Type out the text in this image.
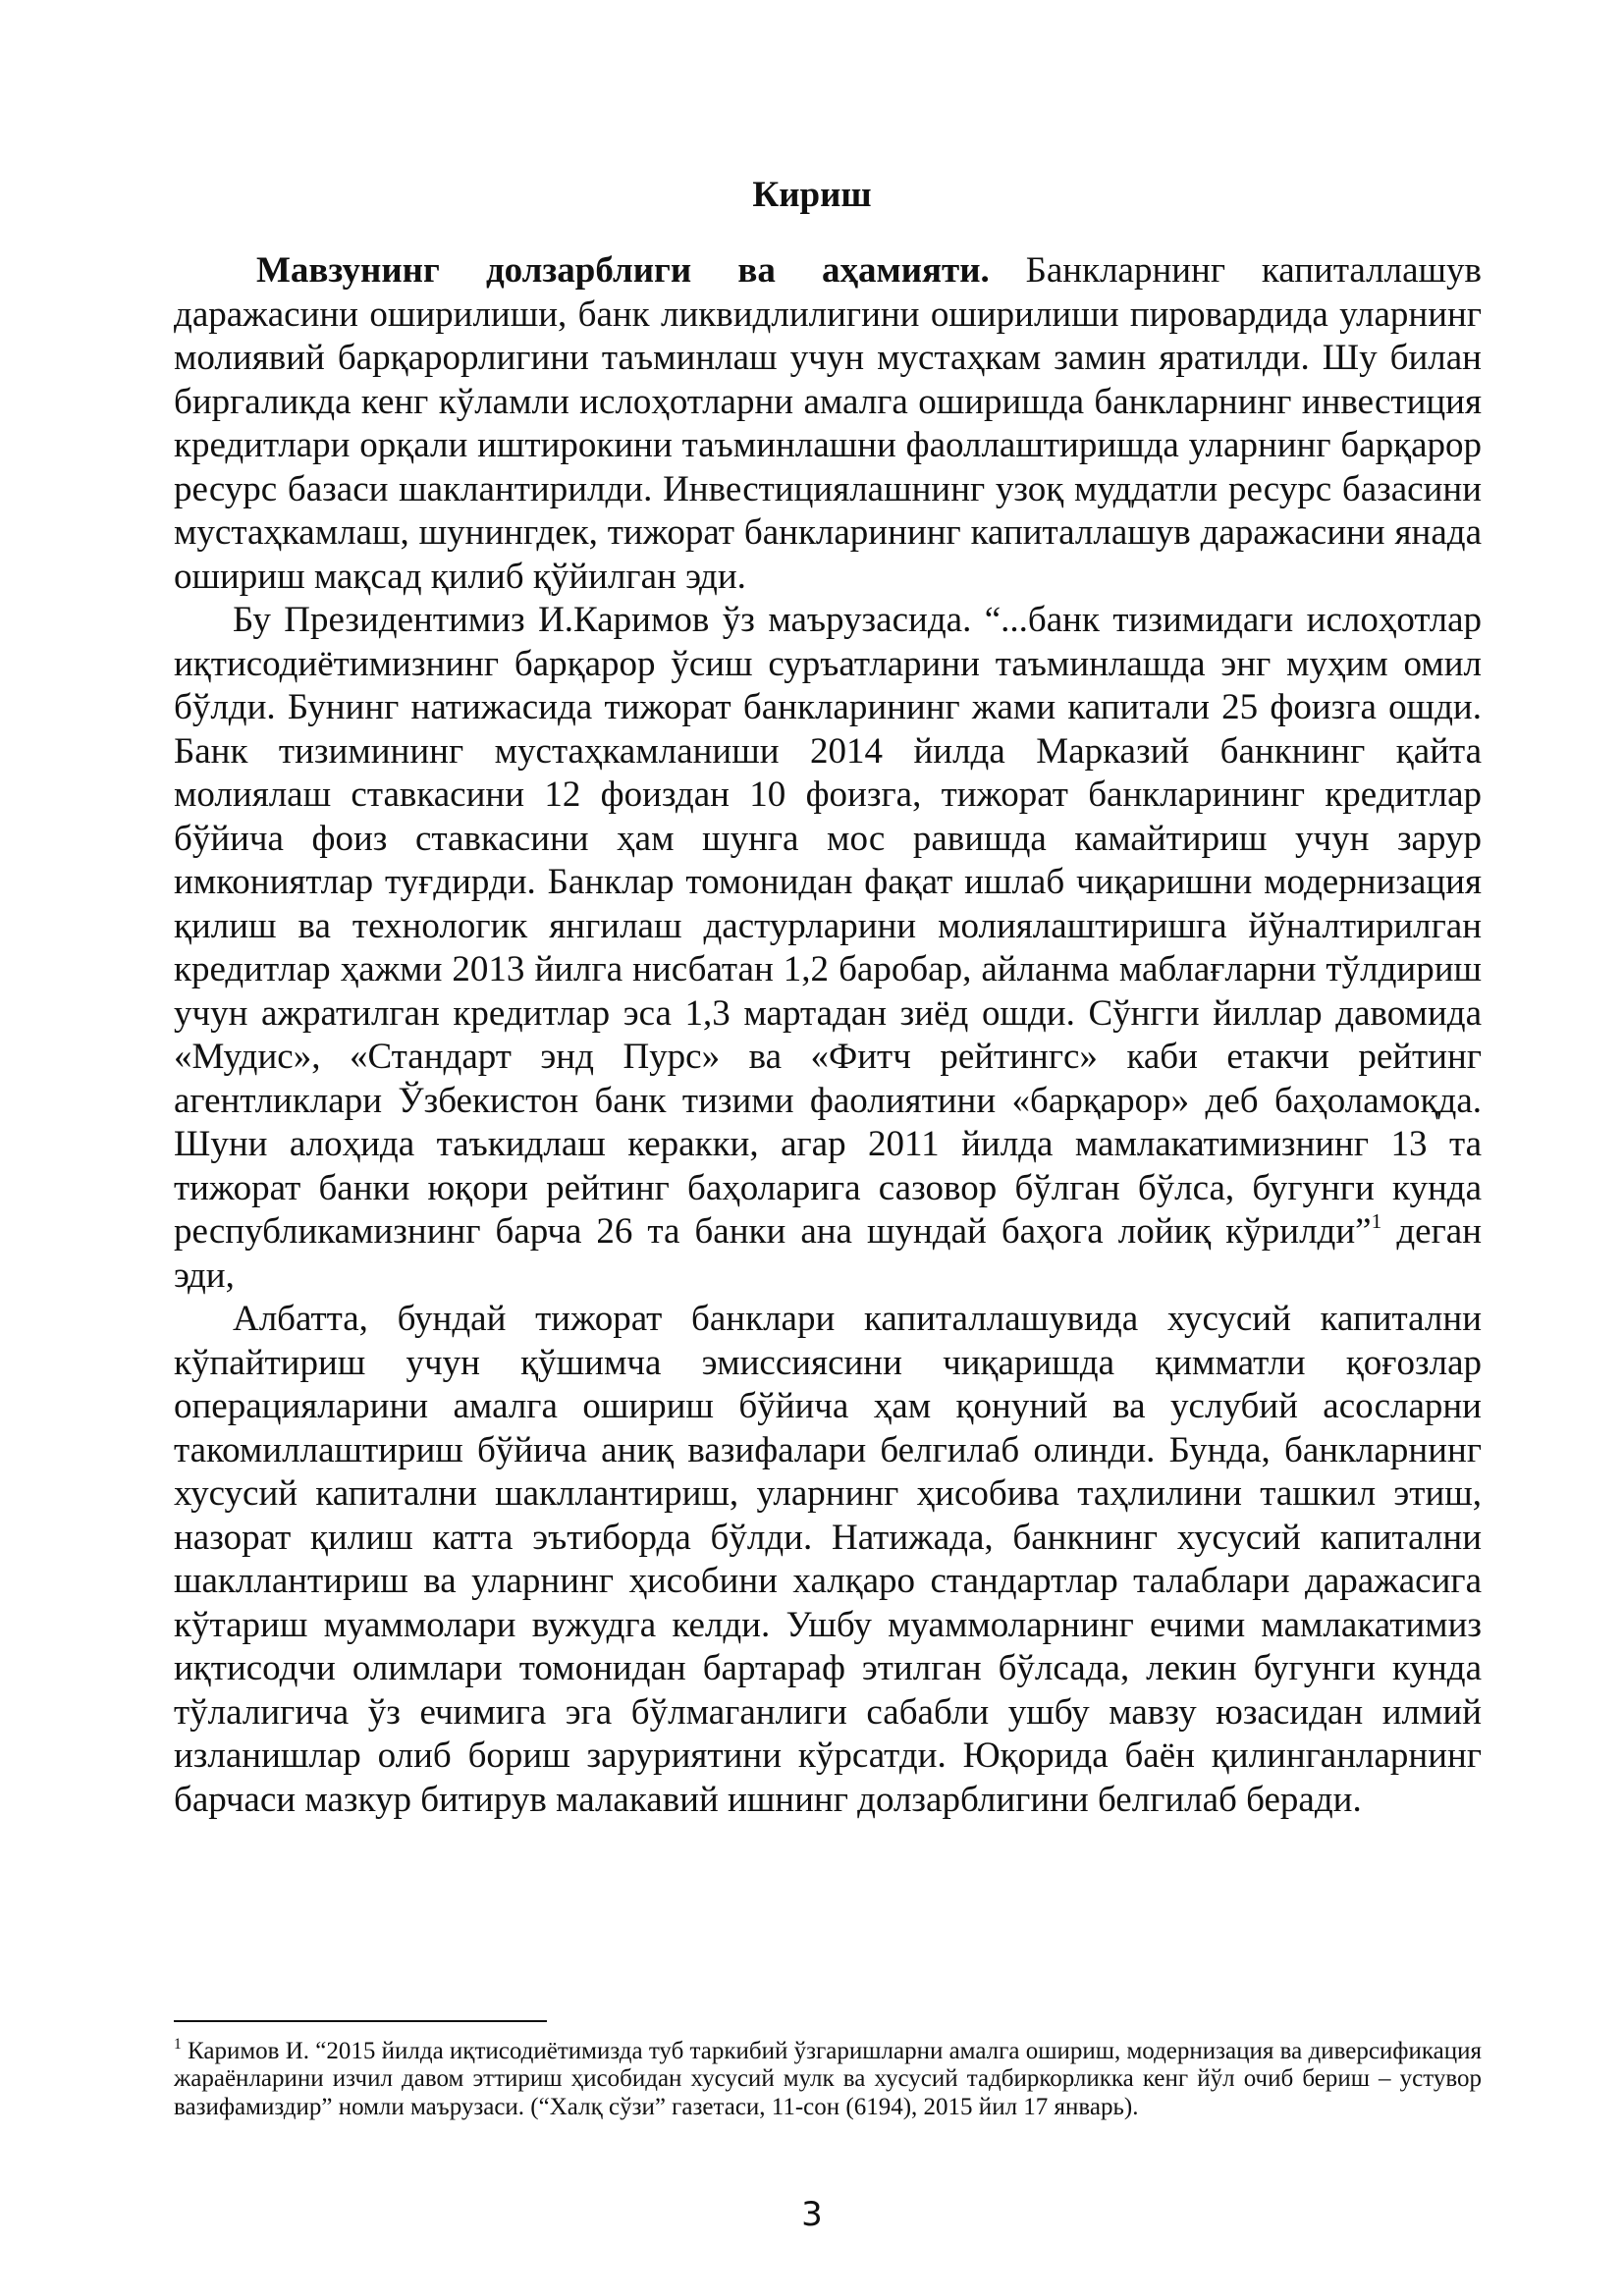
Кириш

Мавзунинг долзарблиги ва аҳамияти. Банкларнинг капиталлашув даражасини оширилиши, банк ликвидлилигини оширилиши пировардида уларнинг молиявий барқарорлигини таъминлаш учун мустаҳкам замин яратилди. Шу билан биргаликда кенг кўламли ислоҳотларни амалга оширишда банкларнинг инвестиция кредитлари орқали иштирокини таъминлашни фаоллаштиришда уларнинг барқарор ресурс базаси шаклантирилди. Инвестициялашнинг узоқ муддатли ресурс базасини мустаҳкамлаш, шунингдек, тижорат банкларининг капиталлашув даражасини янада ошириш мақсад қилиб қўйилган эди.

Бу Президентимиз И.Каримов ўз маърузасида. “...банк тизимидаги ислоҳотлар иқтисодиётимизнинг барқарор ўсиш суръатларини таъминлашда энг муҳим омил бўлди. Бунинг натижасида тижорат банкларининг жами капитали 25 фоизга ошди. Банк тизимининг мустаҳкамланиши 2014 йилда Марказий банкнинг қайта молиялаш ставкасини 12 фоиздан 10 фоизга, тижорат банкларининг кредитлар бўйича фоиз ставкасини ҳам шунга мос равишда камайтириш учун зарур имкониятлар туғдирди. Банклар томонидан фақат ишлаб чиқаришни модернизация қилиш ва технологик янгилаш дастурларини молиялаштиришга йўналтирилган кредитлар ҳажми 2013 йилга нисбатан 1,2 баробар, айланма маблағларни тўлдириш учун ажратилган кредитлар эса 1,3 мартадан зиёд ошди. Сўнгги йиллар давомида «Мудис», «Стандарт энд Пурс» ва «Фитч рейтингс» каби етакчи рейтинг агентликлари Ўзбекистон банк тизими фаолиятини «барқарор» деб баҳоламоқда. Шуни алоҳида таъкидлаш керакки, агар 2011 йилда мамлакатимизнинг 13 та тижорат банки юқори рейтинг баҳоларига сазовор бўлган бўлса, бугунги кунда республикамизнинг барча 26 та банки ана шундай баҳога лойиқ кўрилди”$^1$ деган эди,

Албатта, бундай тижорат банклари капиталлашувида хусусий капитални кўпайтириш учун қўшимча эмиссиясини чиқаришда қимматли қоғозлар операцияларини амалга ошириш бўйича ҳам қонуний ва услубий асосларни такомиллаштириш бўйича аниқ вазифалари белгилаб олинди. Бунда, банкларнинг хусусий капитални шакллантириш, уларнинг ҳисобива таҳлилини ташкил этиш, назорат қилиш катта эътиборда бўлди. Натижада, банкнинг хусусий капитални шакллантириш ва уларнинг ҳисобини халқаро стандартлар талаблари даражасига кўтариш муаммолари вужудга келди. Ушбу муаммоларнинг ечими мамлакатимиз иқтисодчи олимлари томонидан бартараф этилган бўлсада, лекин бугунги кунда тўлалигича ўз ечимига эга бўлмаганлиги сабабли ушбу мавзу юзасидан илмий изланишлар олиб бориш заруриятини кўрсатди. Юқорида баён қилинганларнинг барчаси мазкур битирув малакавий ишнинг долзарблигини белгилаб беради.

$^1$ Каримов И. “2015 йилда иқтисодиётимизда туб таркибий ўзгаришларни амалга ошириш, модернизация ва диверсификация жараёнларини изчил давом эттириш ҳисобидан хусусий мулк ва хусусий тадбиркорликка кенг йўл очиб бериш – устувор вазифамиздир” номли маърузаси. (“Халқ сўзи” газетаси, 11-сон (6194), 2015 йил 17 январь).

3
